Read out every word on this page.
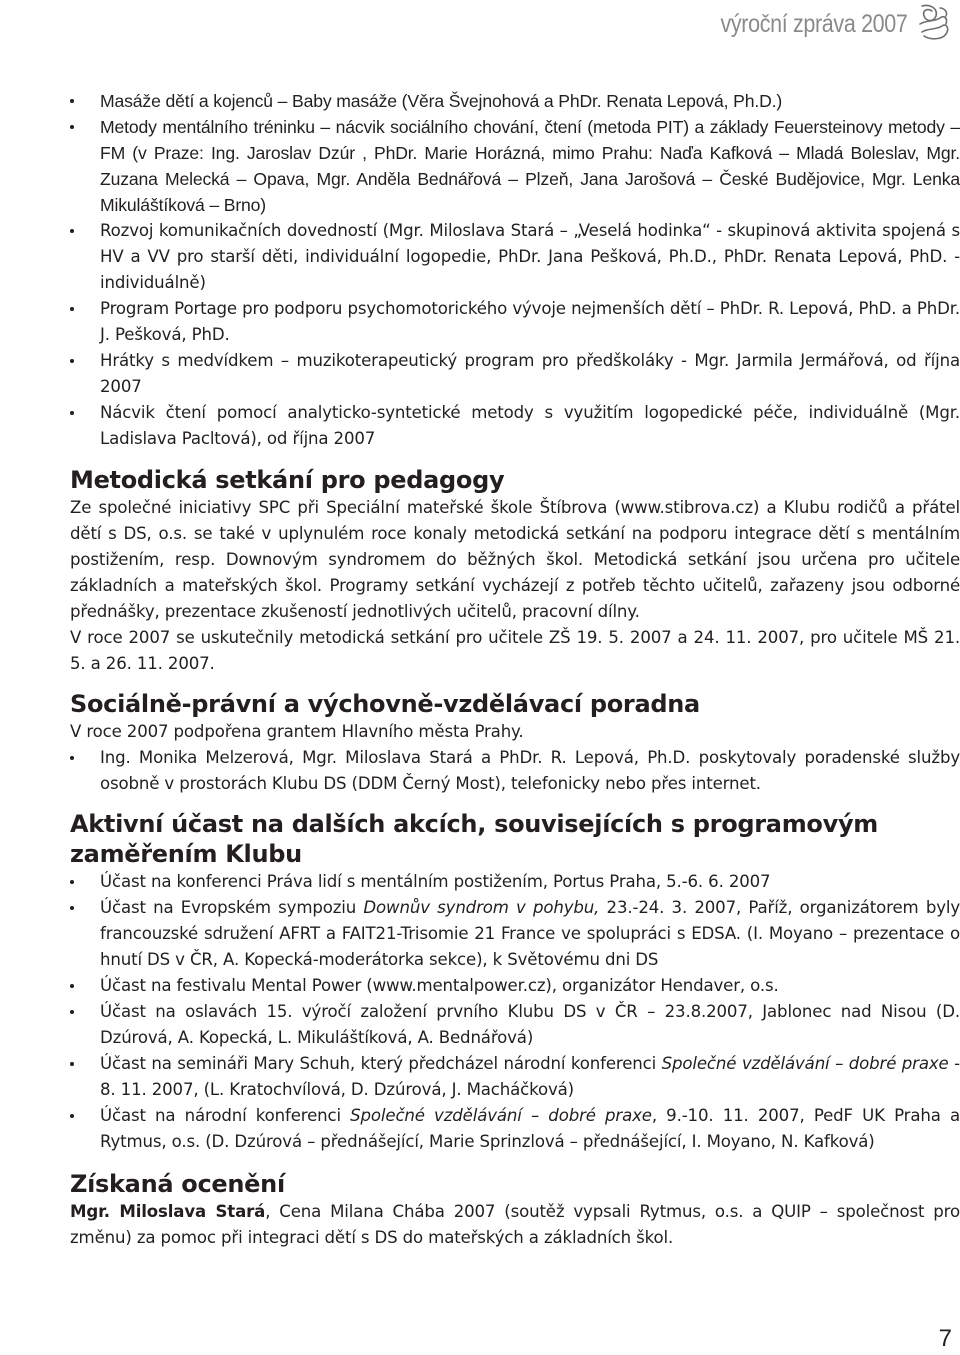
výroční zpráva 2007
Masáže dětí a kojenců – Baby masáže (Věra Švejnohová a PhDr. Renata Lepová, Ph.D.)
Metody mentálního tréninku – nácvik sociálního chování, čtení (metoda PIT) a základy Feuersteinovy metody – FM (v Praze: Ing. Jaroslav Dzúr , PhDr. Marie Horázná, mimo Prahu: Naďa Kafková – Mladá Boleslav, Mgr. Zuzana Melecká – Opava, Mgr. Anděla Bednářová – Plzeň, Jana Jarošová – České Budějovice, Mgr. Lenka Mikuláštíková – Brno)
Rozvoj komunikačních dovedností (Mgr. Miloslava Stará – „Veselá hodinka“ - skupinová aktivita spojená s HV a VV pro starší děti, individuální logopedie, PhDr. Jana Pešková, Ph.D., PhDr. Renata Lepová, PhD. - individuálně)
Program Portage pro podporu psychomotorického vývoje nejmenších dětí – PhDr. R. Lepová, PhD. a PhDr. J. Pešková, PhD.
Hrátky s medvídkem – muzikoterapeutický program pro předškoláky - Mgr. Jarmila Jermářová, od října 2007
Nácvik čtení pomocí analyticko-syntetické metody s využitím logopedické péče, individuálně (Mgr. Ladislava Pacltová), od října 2007
Metodická setkání pro pedagogy

Ze společné iniciativy SPC při Speciální mateřské škole Štíbrova (www.stibrova.cz) a Klubu rodičů a přátel dětí s DS, o.s. se také v uplynulém roce konaly metodická setkání na podporu integrace dětí s mentálním postižením, resp. Downovým syndromem do běžných škol. Metodická setkání jsou určena pro učitele základních a mateřských škol. Programy setkání vycházejí z potřeb těchto učitelů, zařazeny jsou odborné přednášky, prezentace zkušeností jednotlivých učitelů, pracovní dílny.

V roce 2007 se uskutečnily metodická setkání pro učitele ZŠ 19. 5. 2007 a 24. 11. 2007, pro učitele MŠ 21. 5. a 26. 11. 2007.

Sociálně-právní a výchovně-vzdělávací poradna

V roce 2007 podpořena grantem Hlavního města Prahy.

Ing. Monika Melzerová, Mgr. Miloslava Stará a PhDr. R. Lepová, Ph.D. poskytovaly poradenské služby osobně v prostorách Klubu DS (DDM Černý Most), telefonicky nebo přes internet.
Aktivní účast na dalších akcích, souvisejících s programovým zaměřením Klubu
Účast na konferenci Práva lidí s mentálním postižením, Portus Praha, 5.-6. 6. 2007
Účast na Evropském sympoziu Downův syndrom v pohybu, 23.-24. 3. 2007, Paříž, organizátorem byly francouzské sdružení AFRT a FAIT21-Trisomie 21 France ve spolupráci s EDSA. (I. Moyano – prezentace o hnutí DS v ČR, A. Kopecká-moderátorka sekce), k Světovému dni DS
Účast na festivalu Mental Power (www.mentalpower.cz), organizátor Hendaver, o.s.
Účast na oslavách 15. výročí založení prvního Klubu DS v ČR – 23.8.2007, Jablonec nad Nisou (D. Dzúrová, A. Kopecká, L. Mikuláštíková, A. Bednářová)
Účast na semináři Mary Schuh, který předcházel národní konferenci Společné vzdělávání – dobré praxe - 8. 11. 2007, (L. Kratochvílová, D. Dzúrová, J. Macháčková)
Účast na národní konferenci Společné vzdělávání – dobré praxe, 9.-10. 11. 2007, PedF UK Praha a Rytmus, o.s. (D. Dzúrová – přednášející, Marie Sprinzlová – přednášející, I. Moyano, N. Kafková)
Získaná ocenění

Mgr. Miloslava Stará, Cena Milana Chába 2007 (soutěž vypsali Rytmus, o.s. a QUIP – společnost pro změnu) za pomoc při integraci dětí s DS do mateřských a základních škol.

7
